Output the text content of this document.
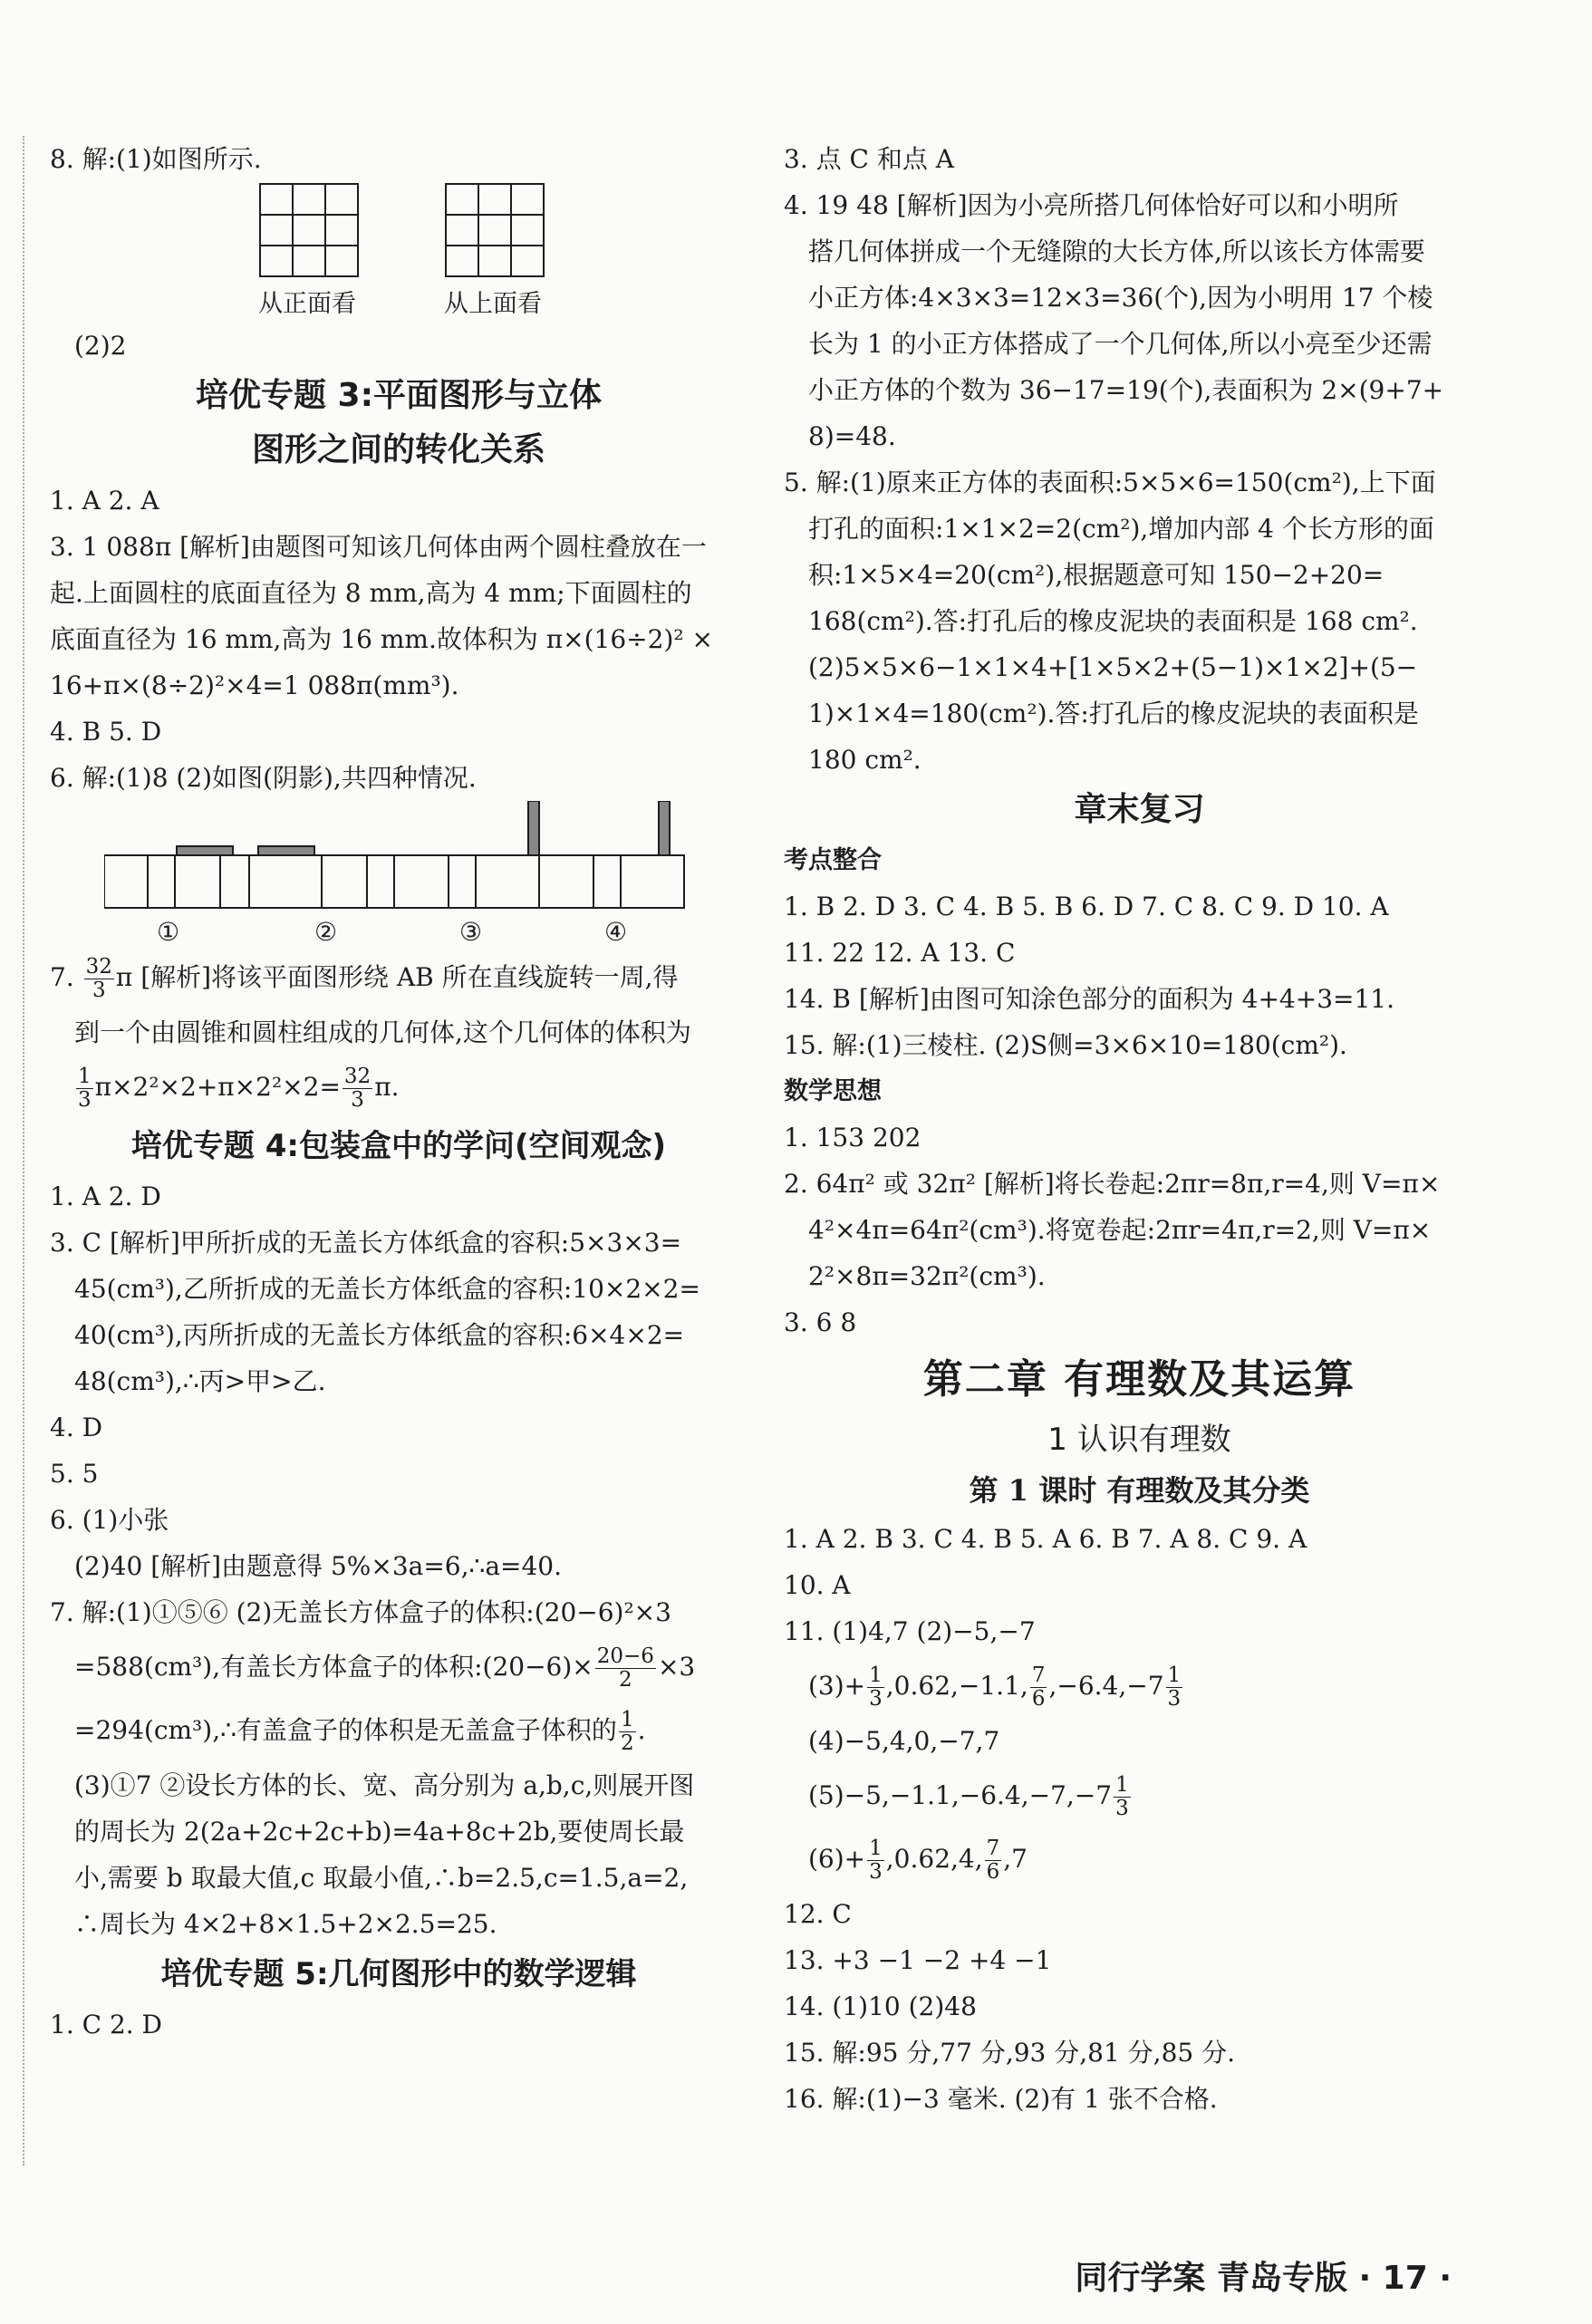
8. 解:(1)如图所示.
从正面看	从上面看
(2)2
培优专题 3:平面图形与立体
图形之间的转化关系
1. A 2. A
3. 1 088π [解析]由题图可知该几何体由两个圆柱叠放在一
起.上面圆柱的底面直径为 8 mm,高为 4 mm;下面圆柱的
底面直径为 16 mm,高为 16 mm.故体积为 π×(16÷2)² ×
16+π×(8÷2)²×4=1 088π(mm³).
4. B 5. D
6. 解:(1)8 (2)如图(阴影),共四种情况.
①	②	③	④
7. $\frac{32}{3}$ π [解析]将该平面图形绕 AB 所在直线旋转一周,得
到一个由圆锥和圆柱组成的几何体,这个几何体的体积为
$\frac{1}{3} \pi\times 2^2\times 2+\pi\times 2^2\times 2= \frac{32}{3} \pi$.
培优专题 4:包装盒中的学问(空间观念)
1. A 2. D
3. C [解析]甲所折成的无盖长方体纸盒的容积:5×3×3=
45(cm³),乙所折成的无盖长方体纸盒的容积:10×2×2=
40(cm³),丙所折成的无盖长方体纸盒的容积:6×4×2=
48(cm³),∴丙>甲>乙.
4. D
5. 5
6. (1)小张
(2)40 [解析]由题意得 5%×3a=6,∴a=40.
7. 解:(1)①⑤⑥ (2)无盖长方体盒子的体积:(20−6)²×3
=588(cm³),有盖长方体盒子的体积:(20−6)× $\frac{20-6}{2} \times 3$
=294(cm³),∴有盖盒子的体积是无盖盒子体积的 $\frac{1}{2}$ .
(3)①7 ②设长方体的长、宽、高分别为 a,b,c,则展开图
的周长为 2(2a+2c+2c+b)=4a+8c+2b,要使周长最
小,需要 b 取最大值,c 取最小值,∴b=2.5,c=1.5,a=2,
∴周长为 4×2+8×1.5+2×2.5=25.
培优专题 5:几何图形中的数学逻辑
1. C 2. D
3. 点 C 和点 A
4. 19 48 [解析]因为小亮所搭几何体恰好可以和小明所
搭几何体拼成一个无缝隙的大长方体,所以该长方体需要
小正方体:4×3×3=12×3=36(个),因为小明用 17 个棱
长为 1 的小正方体搭成了一个几何体,所以小亮至少还需
小正方体的个数为 36−17=19(个),表面积为 2×(9+7+
8)=48.
5. 解:(1)原来正方体的表面积:5×5×6=150(cm²),上下面
打孔的面积:1×1×2=2(cm²),增加内部 4 个长方形的面
积:1×5×4=20(cm²),根据题意可知 150−2+20=
168(cm²).答:打孔后的橡皮泥块的表面积是 168 cm².
(2)5×5×6−1×1×4+[1×5×2+(5−1)×1×2]+(5−
1)×1×4=180(cm²).答:打孔后的橡皮泥块的表面积是
180 cm².
章末复习
考点整合
1. B 2. D 3. C 4. B 5. B 6. D 7. C 8. C 9. D 10. A
11. 22 12. A 13. C
14. B [解析]由图可知涂色部分的面积为 4+4+3=11.
15. 解:(1)三棱柱. (2)S侧=3×6×10=180(cm²).
数学思想
1. 153 202
2. 64π² 或 32π² [解析]将长卷起:2πr=8π,r=4,则 V=π×
4²×4π=64π²(cm³).将宽卷起:2πr=4π,r=2,则 V=π×
2²×8π=32π²(cm³).
3. 6 8
第二章 有理数及其运算
1 认识有理数
第 1 课时 有理数及其分类
1. A 2. B 3. C 4. B 5. A 6. B 7. A 8. C 9. A
10. A
11. (1)4,7 (2)−5,−7
$(3)+ \frac{1}{3} ,0.62,-1.1$, $\frac{7}{6} ,-6.4,-7 \frac{1}{3}$
(4)−5,4,0,−7,7
$(5)-5,-1.1,-6.4,-7,-7 \frac{1}{3}$
$(6)+ \frac{1}{3} ,0.62,4$, $\frac{7}{6} ,7$
12. C
13. +3 −1 −2 +4 −1
14. (1)10 (2)48
15. 解:95 分,77 分,93 分,81 分,85 分.
16. 解:(1)−3 毫米. (2)有 1 张不合格.
同行学案 青岛专版 · 17 ·
